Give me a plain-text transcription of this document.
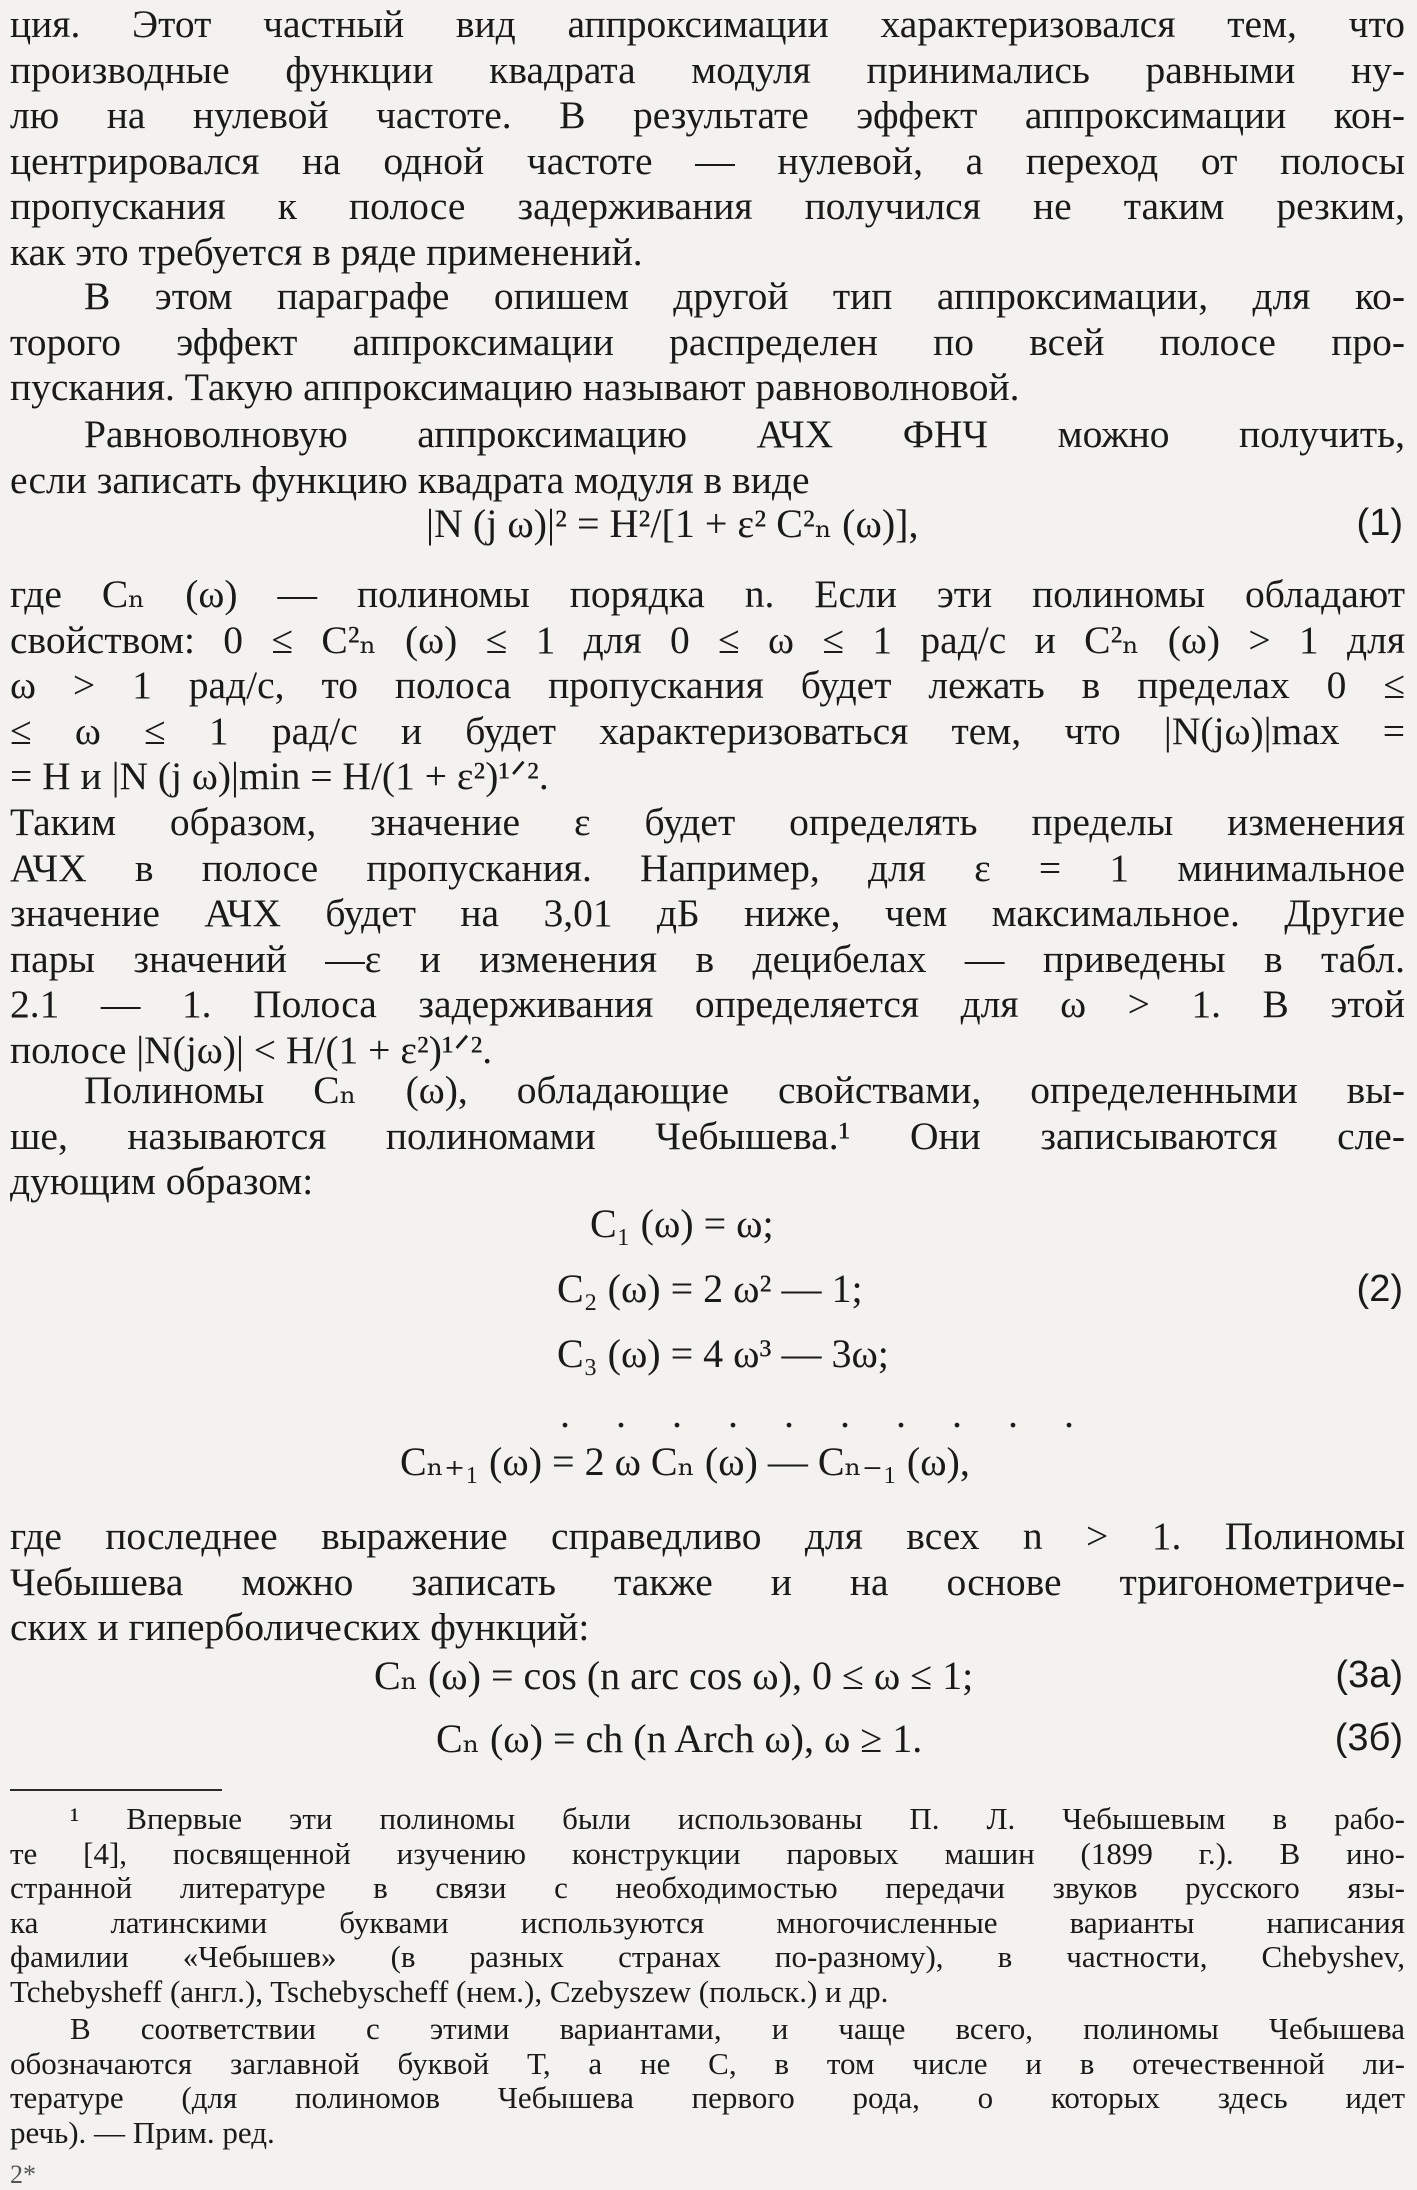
ция. Этот частный вид аппроксимации характеризовался тем, что
производные функции квадрата модуля принимались равными ну-
лю на нулевой частоте. В результате эффект аппроксимации кон-
центрировался на одной частоте — нулевой, а переход от полосы
пропускания к полосе задерживания получился не таким резким,
как это требуется в ряде применений.
В этом параграфе опишем другой тип аппроксимации, для ко-
торого эффект аппроксимации распределен по всей полосе про-
пускания. Такую аппроксимацию называют равноволновой.
Равноволновую аппроксимацию АЧХ ФНЧ можно получить,
если записать функцию квадрата модуля в виде
|N (j ω)|² = H²/[1 + ε² C²ₙ (ω)],	(1)
где Cₙ (ω) — полиномы порядка n. Если эти полиномы обладают
свойством: 0 ≤ C²ₙ (ω) ≤ 1 для 0 ≤ ω ≤ 1 рад/с и C²ₙ (ω) > 1 для
ω > 1 рад/с, то полоса пропускания будет лежать в пределах 0 ≤
≤ ω ≤ 1 рад/с и будет характеризоваться тем, что |N(jω)|max =
= H и |N (j ω)|min = H/(1 + ε²)¹ᐟ².
Таким образом, значение ε будет определять пределы изменения
АЧХ в полосе пропускания. Например, для ε = 1 минимальное
значение АЧХ будет на 3,01 дБ ниже, чем максимальное. Другие
пары значений —ε и изменения в децибелах — приведены в табл.
2.1 — 1. Полоса задерживания определяется для ω > 1. В этой
полосе |N(jω)| < H/(1 + ε²)¹ᐟ².
Полиномы Cₙ (ω), обладающие свойствами, определенными вы-
ше, называются полиномами Чебышева.¹ Они записываются сле-
дующим образом:
C₁ (ω) = ω;
C₂ (ω) = 2 ω² — 1;	(2)
C₃ (ω) = 4 ω³ — 3ω;
. . . . . . . . . .
Cₙ₊₁ (ω) = 2 ω Cₙ (ω) — Cₙ₋₁ (ω),
где последнее выражение справедливо для всех n > 1. Полиномы
Чебышева можно записать также и на основе тригонометриче-
ских и гиперболических функций:
Cₙ (ω) = cos (n arc cos ω), 0 ≤ ω ≤ 1;	(3а)
Cₙ (ω) = ch (n Arch ω), ω ≥ 1.	(3б)
¹ Впервые эти полиномы были использованы П. Л. Чебышевым в рабо-
те [4], посвященной изучению конструкции паровых машин (1899 г.). В ино-
странной литературе в связи с необходимостью передачи звуков русского язы-
ка латинскими буквами используются многочисленные варианты написания
фамилии «Чебышев» (в разных странах по-разному), в частности, Chebyshev,
Tchebysheff (англ.), Tschebyscheff (нем.), Czebyszew (польск.) и др.
В соответствии с этими вариантами, и чаще всего, полиномы Чебышева
обозначаются заглавной буквой Т, а не С, в том числе и в отечественной ли-
тературе (для полиномов Чебышева первого рода, о которых здесь идет
речь). — Прим. ред.
2*
